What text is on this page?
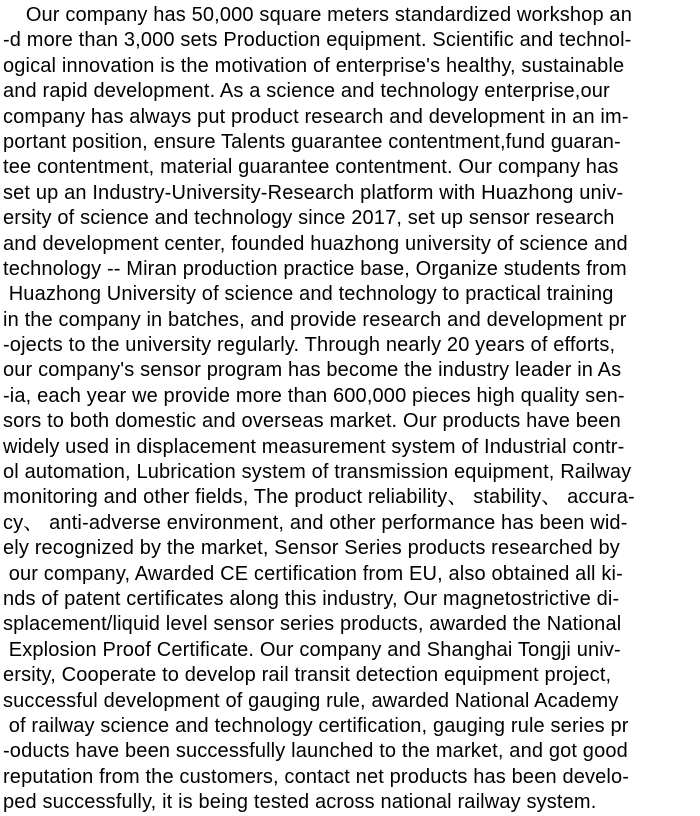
Our company has 50,000 square meters standardized workshop an
-d more than 3,000 sets Production equipment. Scientific and technol-
ogical innovation is the motivation of enterprise's healthy, sustainable
and rapid development. As a science and technology enterprise,our
company has always put product research and development in an im-
portant position, ensure Talents guarantee contentment,fund guaran-
tee contentment, material guarantee contentment. Our company has
set up an Industry-University-Research platform with Huazhong univ-
ersity of science and technology since 2017, set up sensor research
and development center, founded huazhong university of science and
technology -- Miran production practice base, Organize students from
Huazhong University of science and technology to practical training
in the company in batches, and provide research and development pr
-ojects to the university regularly. Through nearly 20 years of efforts,
our company's sensor program has become the industry leader in As
-ia, each year we provide more than 600,000 pieces high quality sen-
sors to both domestic and overseas market. Our products have been
widely used in displacement measurement system of Industrial contr-
ol automation, Lubrication system of transmission equipment, Railway
monitoring and other fields, The product reliability、 stability、 accura-
cy、 anti-adverse environment, and other performance has been wid-
ely recognized by the market, Sensor Series products researched by
our company, Awarded CE certification from EU, also obtained all ki-
nds of patent certificates along this industry, Our magnetostrictive di-
splacement/liquid level sensor series products, awarded the National
Explosion Proof Certificate. Our company and Shanghai Tongji univ-
ersity, Cooperate to develop rail transit detection equipment project,
successful development of gauging rule, awarded National Academy
of railway science and technology certification, gauging rule series pr
-oducts have been successfully launched to the market, and got good
reputation from the customers, contact net products has been develo-
ped successfully, it is being tested across national railway system.
